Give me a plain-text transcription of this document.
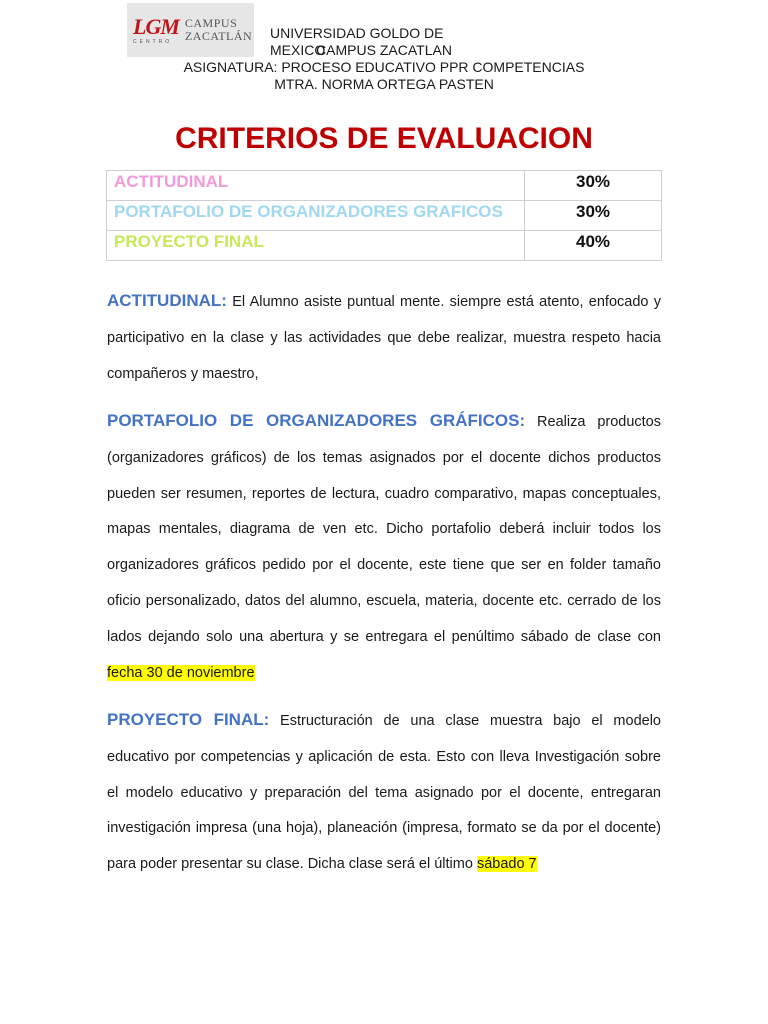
LGM
CENTRO
CAMPUS
ZACATLÁN UNIVERSIDAD GOLDO DE MEXICO
CAMPUS ZACATLAN
ASIGNATURA: PROCESO EDUCATIVO PPR COMPETENCIAS
MTRA. NORMA ORTEGA PASTEN
CRITERIOS DE EVALUACION
ACTITUDINAL	30%
PORTAFOLIO DE ORGANIZADORES GRAFICOS	30%
PROYECTO FINAL	40%
ACTITUDINAL: El Alumno asiste puntual mente. siempre está atento, enfocado y participativo en la clase y las actividades que debe realizar, muestra respeto hacia compañeros y maestro,
PORTAFOLIO DE ORGANIZADORES GRÁFICOS: Realiza productos (organizadores gráficos) de los temas asignados por el docente dichos productos pueden ser resumen, reportes de lectura, cuadro comparativo, mapas conceptuales, mapas mentales, diagrama de ven etc. Dicho portafolio deberá incluir todos los organizadores gráficos pedido por el docente, este tiene que ser en folder tamaño oficio personalizado, datos del alumno, escuela, materia, docente etc. cerrado de los lados dejando solo una abertura y se entregara el penúltimo sábado de clase con fecha 30 de noviembre
PROYECTO FINAL: Estructuración de una clase muestra bajo el modelo educativo por competencias y aplicación de esta. Esto con lleva Investigación sobre el modelo educativo y preparación del tema asignado por el docente, entregaran investigación impresa (una hoja), planeación (impresa, formato se da por el docente) para poder presentar su clase. Dicha clase será el último sábado 7
